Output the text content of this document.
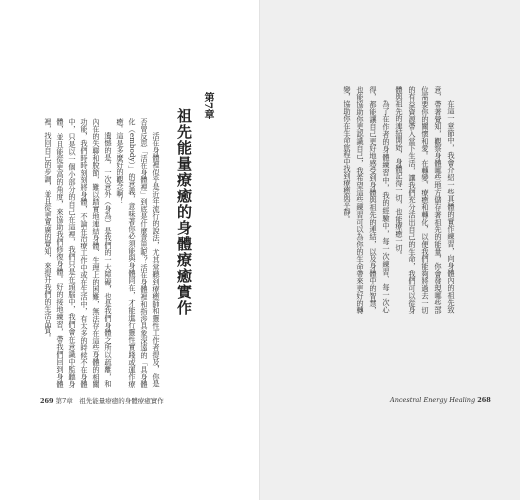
第7章
祖先能量療癒的身體療癒實作

活在身體裡似乎是近年流行的說法，尤其常聽到療癒師和靈性工作者提及，你是否曾反思「活在身體裡」到底是什麼意思呢？活在身體裡和指涉具象深遠的「具身體化（embody）」的意義，意味著你必須能與身體同在，才能進行靈性實踐或運作療癒。這是多麼好的觀念啊！

遺憾的是，一次意外（身為）是我們的一大障礙，也是我們身體之所以疏離，和內在的失聯和脫節，難以踏實地連結身體、生理上的困難，無法存在這些身體的相關功能，我們時時刻刻將身體，不論在治療工作中或在生活中，有太多的時候不在身體中，只是以一個小部分的自己在這裡，我們只是在頭腦中，我們會在意識中監聽身體，並且能從更高的角度，來協助我們修復身體。好的接地練習，帶我們回到身體裡，找回自己的步調，並且從更寬廣的覺知，來提升我們的生活品質。

269 第7章　祖先能量療癒的身體療癒實作

在這一章節中，我會介紹一些具體的實作練習，向身體內的祖先致意，帶著覺知，觀察身體哪些地方儲存著祖先的能量，你會發現哪些部位需要你的關懷和愛。在轉變、療癒和轉化，以便我們能夠將過去一切的有益資源帶入當下生活，讓我們充分活出自己的生命，我們可以從身體與祖先的連結開始，身體記得一切，也能療癒一切。

為了在作者的身體練習中，我的經驗中，每一次練習、每一次心得，都能讓自己更好地感受到身體與祖先的連結，以及身體中的智慧，也能協助你更認識自己，我希望這些練習可以為你的生命帶來更好的轉變，協助你在生命旅程中找到療癒與平靜。

Ancestral Energy Healing 268
